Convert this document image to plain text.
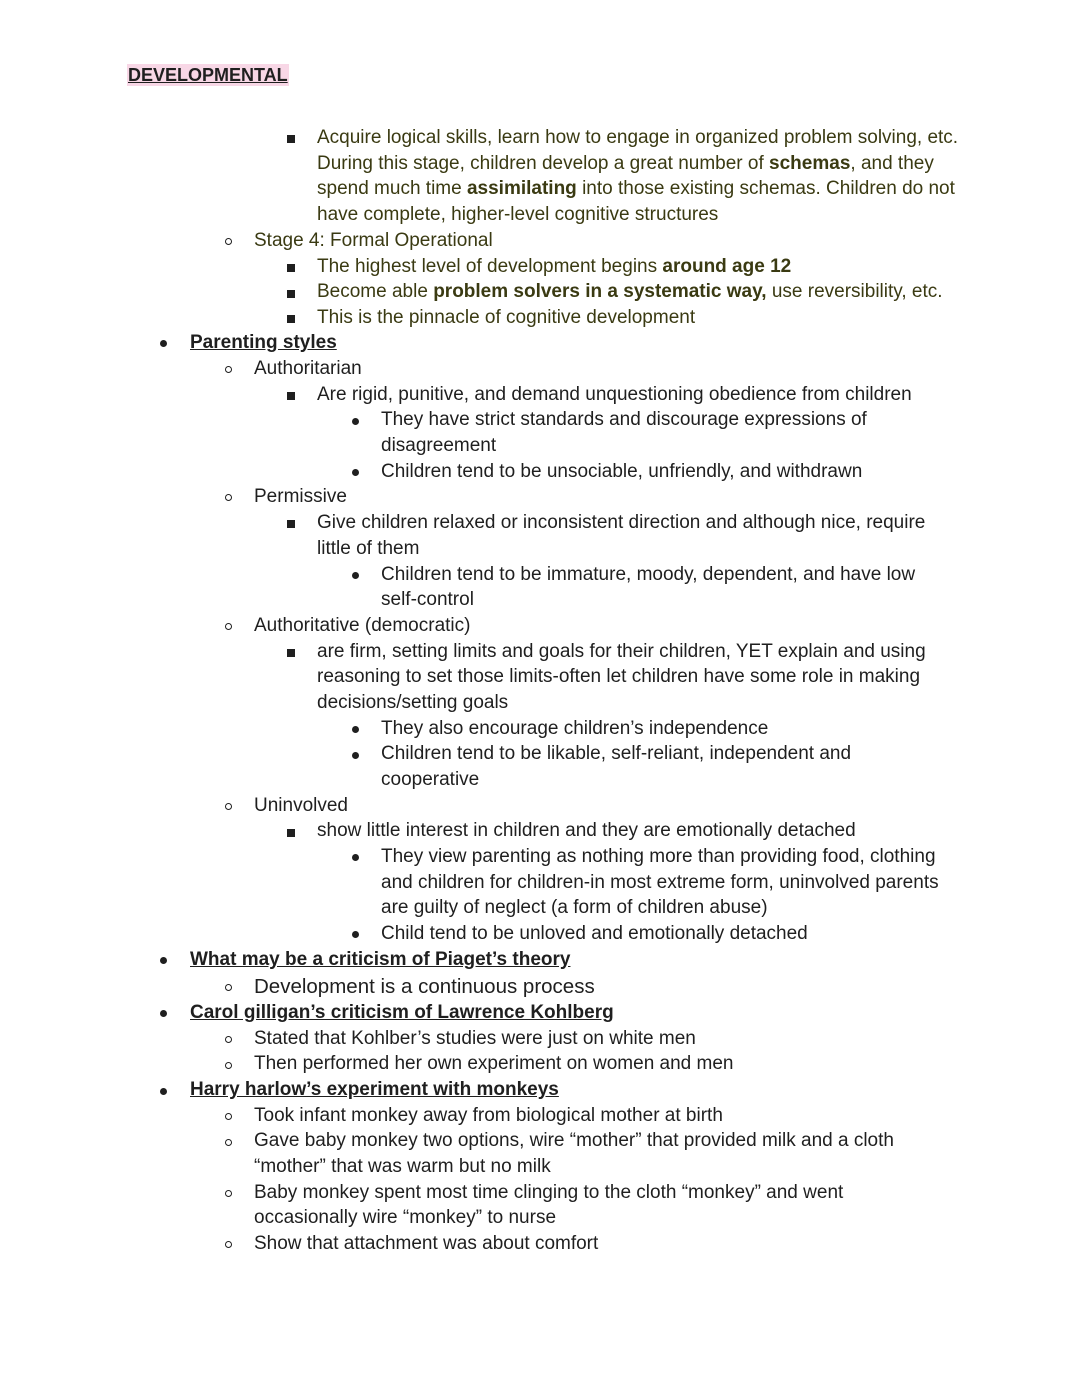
DEVELOPMENTAL
Acquire logical skills, learn how to engage in organized problem solving, etc.
During this stage, children develop a great number of schemas, and they
spend much time assimilating into those existing schemas. Children do not
have complete, higher-level cognitive structures
Stage 4: Formal Operational
The highest level of development begins around age 12
Become able problem solvers in a systematic way, use reversibility, etc.
This is the pinnacle of cognitive development
Parenting styles
Authoritarian
Are rigid, punitive, and demand unquestioning obedience from children
They have strict standards and discourage expressions of
disagreement
Children tend to be unsociable, unfriendly, and withdrawn
Permissive
Give children relaxed or inconsistent direction and although nice, require
little of them
Children tend to be immature, moody, dependent, and have low
self-control
Authoritative (democratic)
are firm, setting limits and goals for their children, YET explain and using
reasoning to set those limits-often let children have some role in making
decisions/setting goals
They also encourage children’s independence
Children tend to be likable, self-reliant, independent and
cooperative
Uninvolved
show little interest in children and they are emotionally detached
They view parenting as nothing more than providing food, clothing
and children for children-in most extreme form, uninvolved parents
are guilty of neglect (a form of children abuse)
Child tend to be unloved and emotionally detached
What may be a criticism of Piaget’s theory
Development is a continuous process
Carol gilligan’s criticism of Lawrence Kohlberg
Stated that Kohlber’s studies were just on white men
Then performed her own experiment on women and men
Harry harlow’s experiment with monkeys
Took infant monkey away from biological mother at birth
Gave baby monkey two options, wire “mother” that provided milk and a cloth
“mother” that was warm but no milk
Baby monkey spent most time clinging to the cloth “monkey” and went
occasionally wire “monkey” to nurse
Show that attachment was about comfort
